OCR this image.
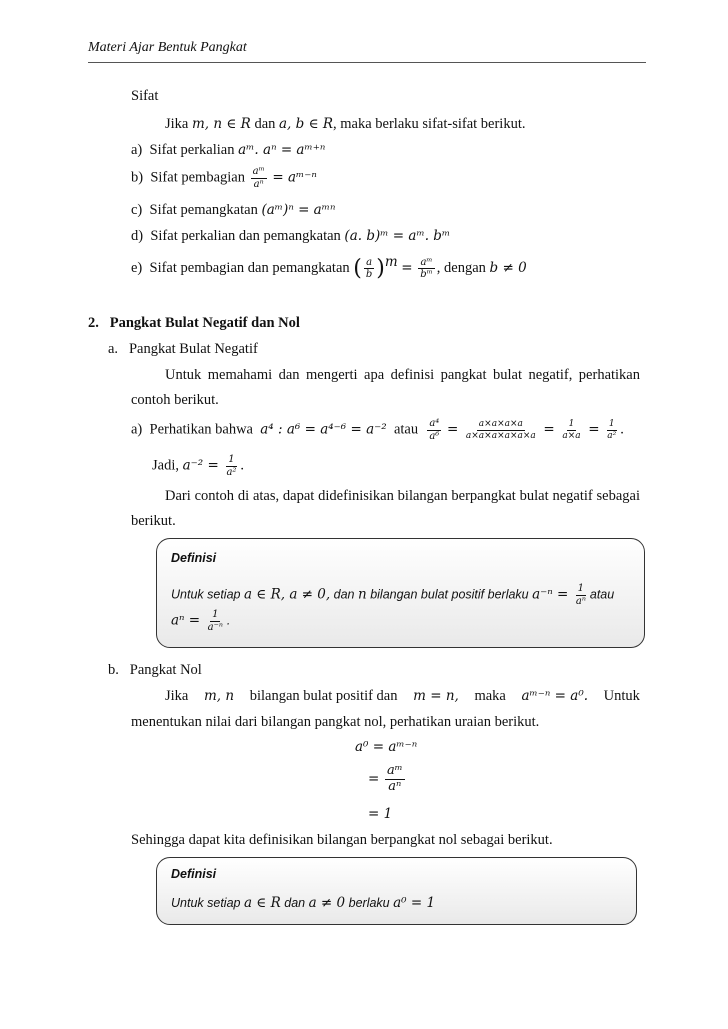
Materi Ajar Bentuk Pangkat
Sifat
Jika m, n ∈ R dan a, b ∈ R, maka berlaku sifat-sifat berikut.
a) Sifat perkalian aᵐ. aⁿ = aᵐ⁺ⁿ
b) Sifat pembagian $\frac{\text{aᵐ}}{\text{aⁿ}}$ = aᵐ⁻ⁿ
c) Sifat pemangkatan (aᵐ)ⁿ = aᵐⁿ
d) Sifat perkalian dan pemangkatan (a. b)ᵐ = aᵐ. bᵐ
e) Sifat pembagian dan pemangkatan ( $\frac{a}{b} )^m = \frac{\text{aᵐ}}{\text{bᵐ}}$ , dengan b ≠ 0
2. Pangkat Bulat Negatif dan Nol
a. Pangkat Bulat Negatif
Untuk memahami dan mengerti apa definisi pangkat bulat negatif, perhatikan
contoh berikut.
a) Perhatikan bahwa a⁴ : a⁶ = a⁴⁻⁶ = a⁻² atau $\frac{\text{a⁴}}{\text{a⁶}} = \frac{a\times a\times a\times a}{a\times a\times a\times a\times a\times a} = \frac{1}{a\times a} = \frac{1}{\text{a²}}$ .
Jadi, $a^{-2} = \frac{1}{\text{a²}}$ .
Dari contoh di atas, dapat didefinisikan bilangan berpangkat bulat negatif sebagai
berikut.
Definisi
Untuk setiap a ∈ R, a ≠ 0, dan n bilangan bulat positif berlaku $a^{-n} = \frac{1}{\text{aⁿ}}$ atau
$a^n = \frac{1}{\text{a⁻ⁿ}}$ .
b. Pangkat Nol
Jika m, n bilangan bulat positif dan m = n, maka aᵐ⁻ⁿ = a⁰. Untuk
menentukan nilai dari bilangan pangkat nol, perhatikan uraian berikut.
a⁰ = aᵐ⁻ⁿ
= $\frac{\text{aᵐ}}{\text{aⁿ}}$
= 1
Sehingga dapat kita definisikan bilangan berpangkat nol sebagai berikut.
Definisi
Untuk setiap a ∈ R dan a ≠ 0 berlaku a⁰ = 1
